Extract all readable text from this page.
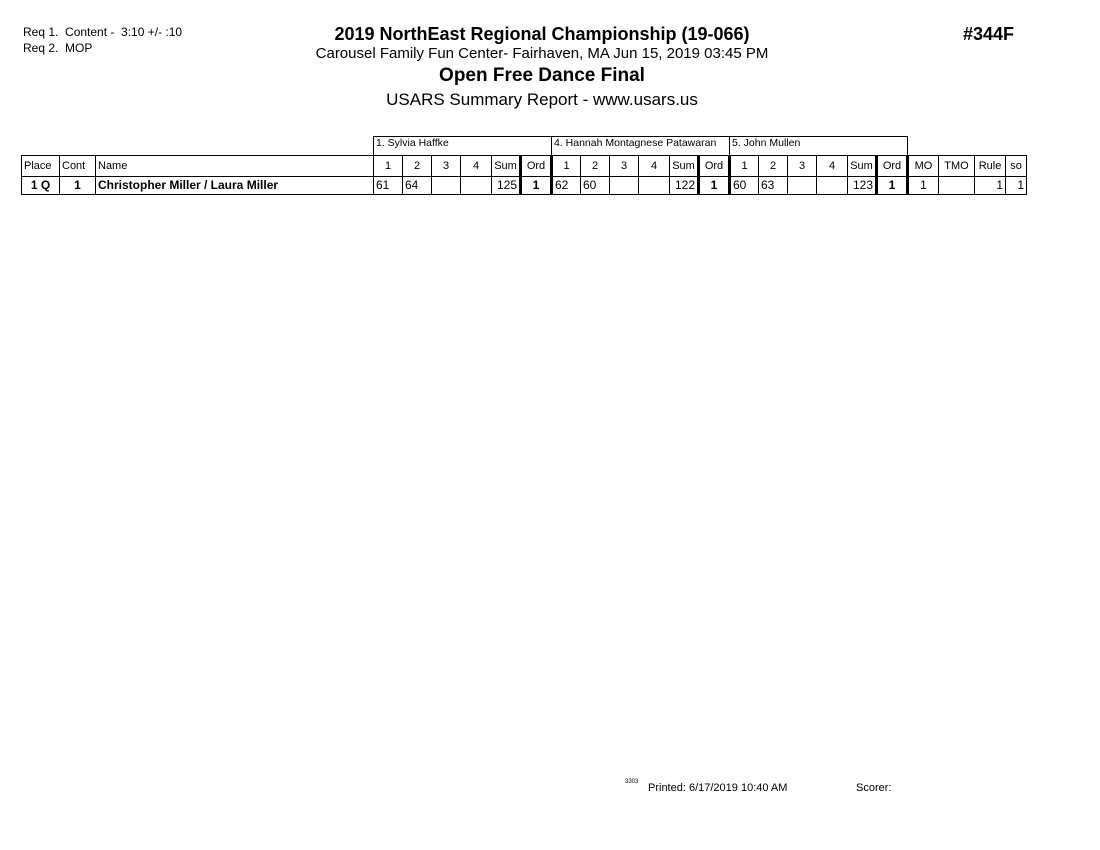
Req 1.  Content -  3:10 +/- :10
Req 2.  MOP
2019 NorthEast Regional Championship (19-066)
Carousel Family Fun Center- Fairhaven, MA Jun 15, 2019 03:45 PM
Open Free Dance Final
USARS Summary Report - www.usars.us
#344F
			1. Sylvia Haffke						4. Hannah Montagnese Patawaran						5. John Mullen									
Place	Cont	Name	1	2	3	4	Sum	Ord	1	2	3	4	Sum	Ord	1	2	3	4	Sum	Ord	MO	TMO	Rule	so
1 Q	1	Christopher Miller / Laura Miller	61	64			125	1	62	60			122	1	60	63			123	1	1		1	1
3303 Printed: 6/17/2019 10:40 AM	Scorer:
